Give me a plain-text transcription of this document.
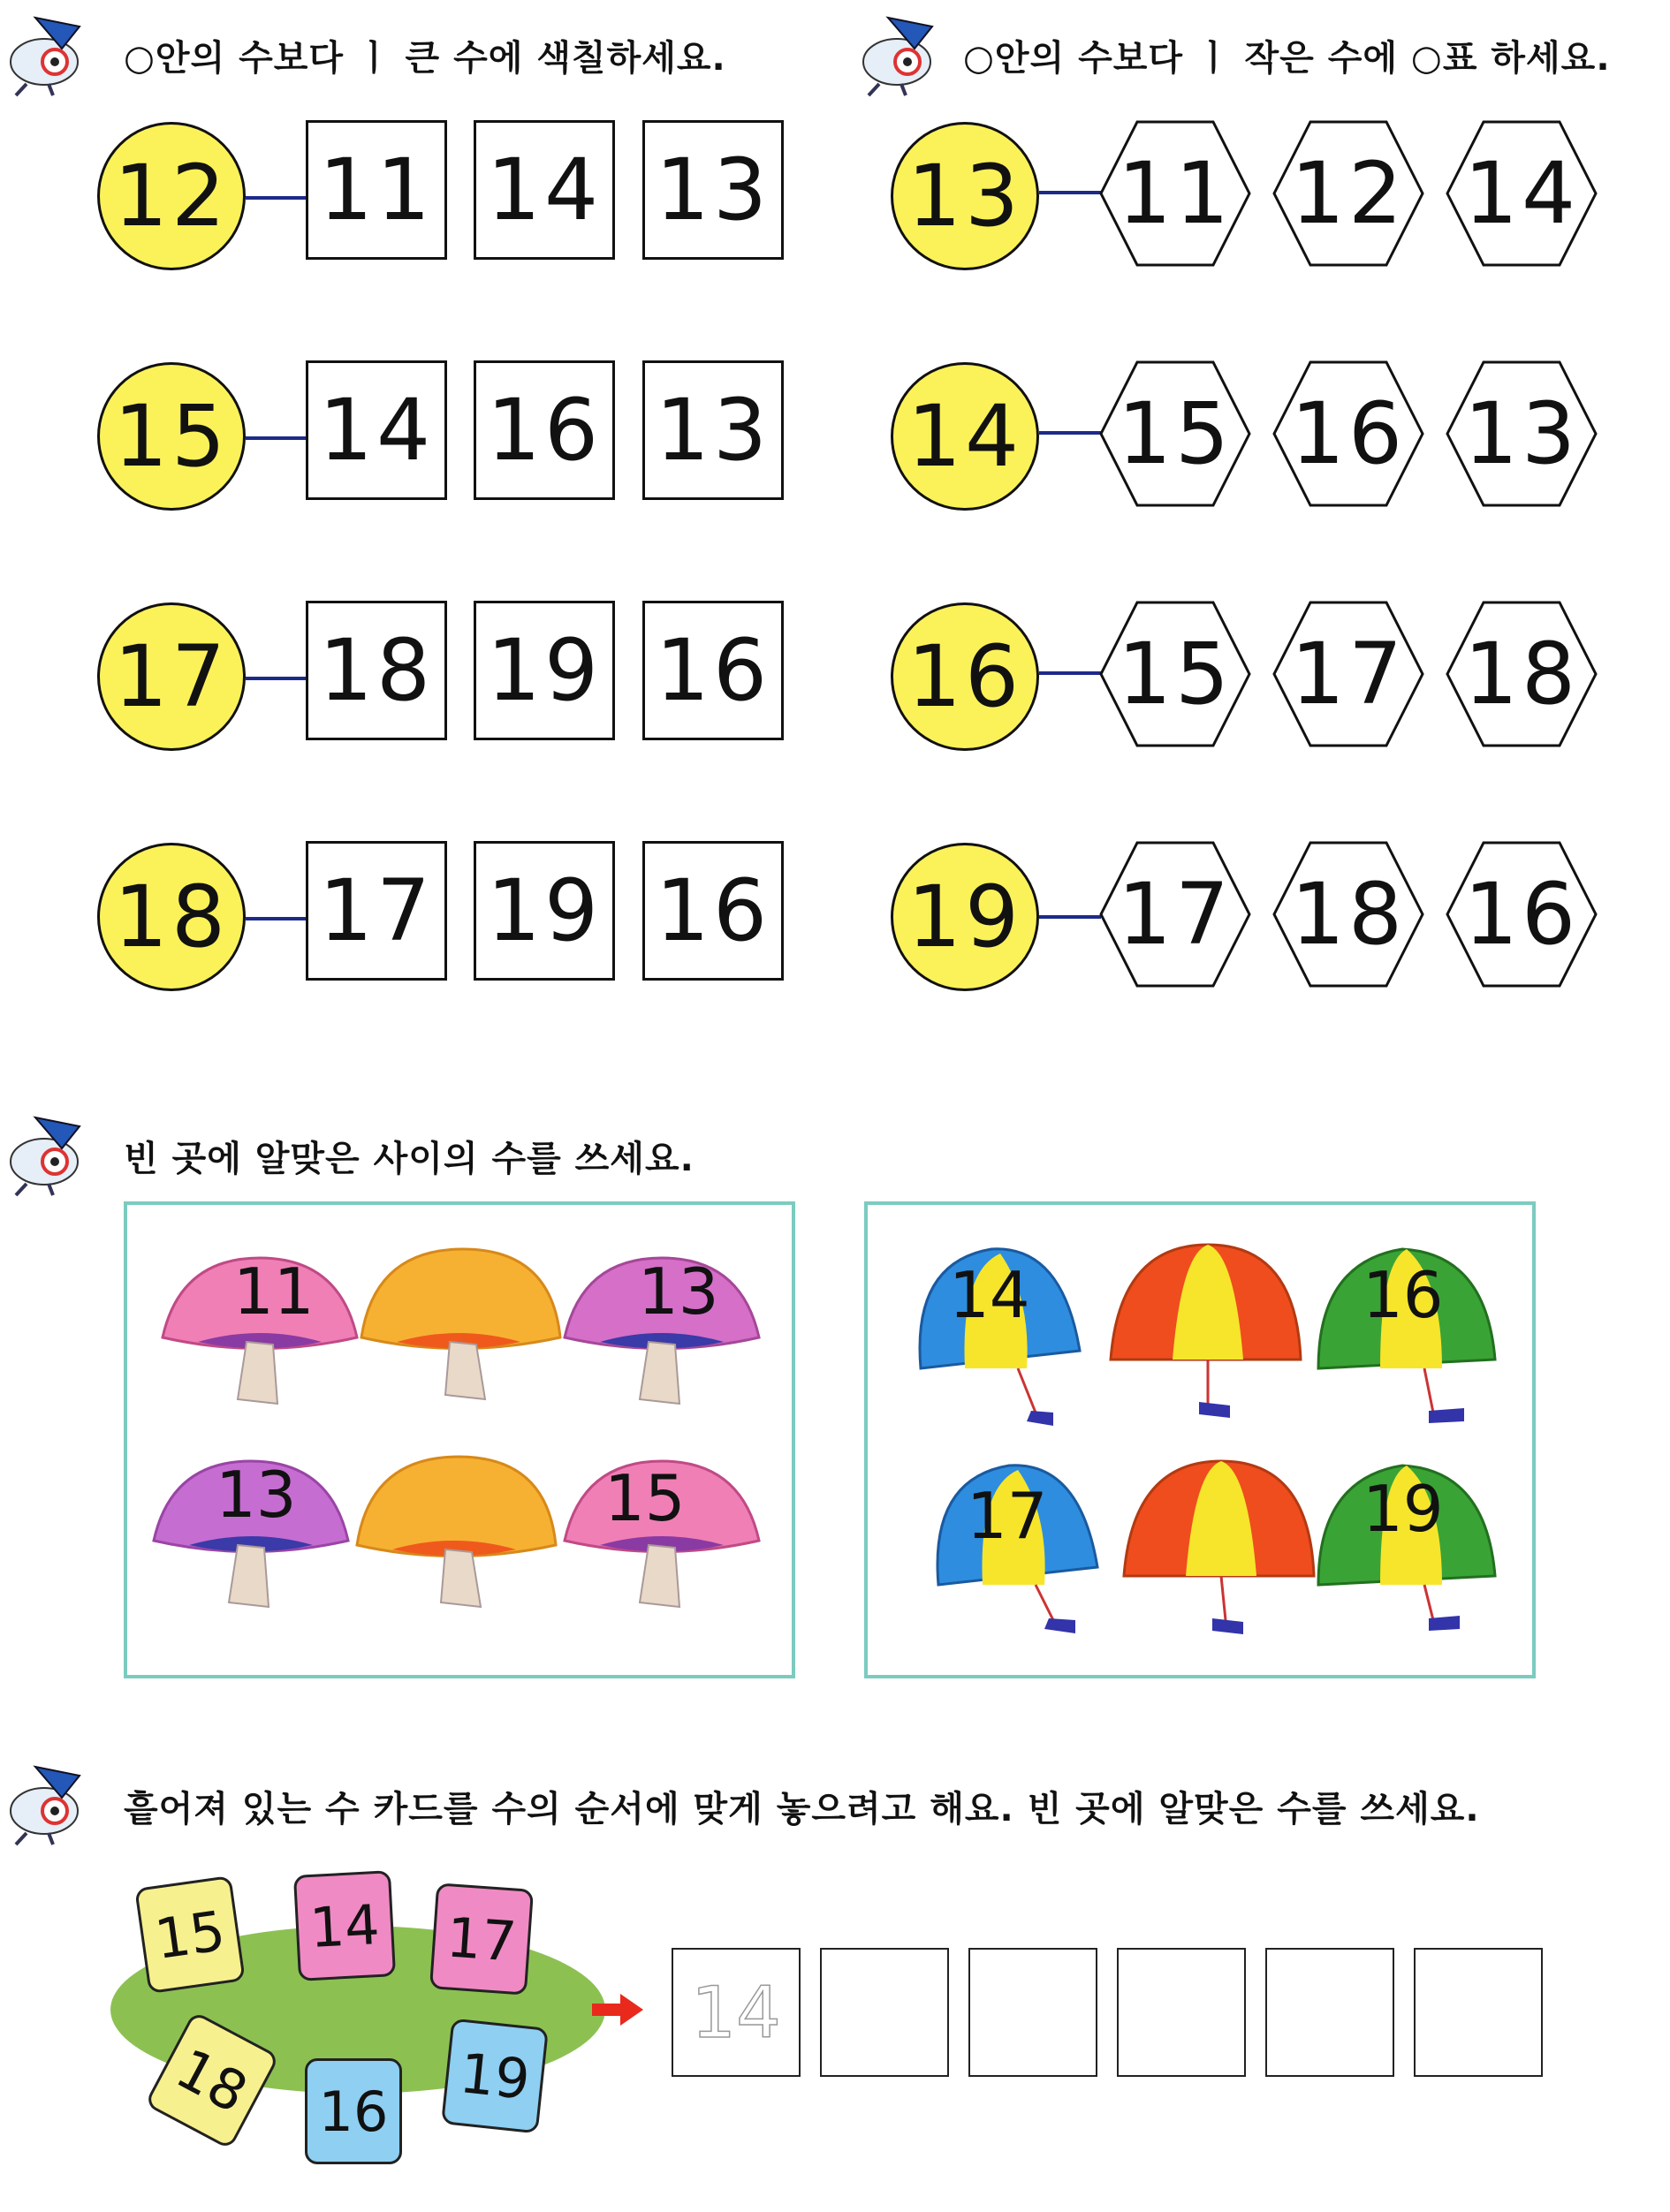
○안의 수보다 ㅣ 큰 수에 색칠하세요.	○안의 수보다 ㅣ 작은 수에 ○표 하세요.
12 11 14 13
15 14 16 13
17 18 19 16
18 17 19 16
13 11 12 14
14 15 16 13
16 15 17 18
19 17 18 16
빈 곳에 알맞은 사이의 수를 쓰세요.
11	13
13	15
14	16
17	19
흩어져 있는 수 카드를 수의 순서에 맞게 놓으려고 해요. 빈 곳에 알맞은 수를 쓰세요.
15	14 17
18	16 19
14
